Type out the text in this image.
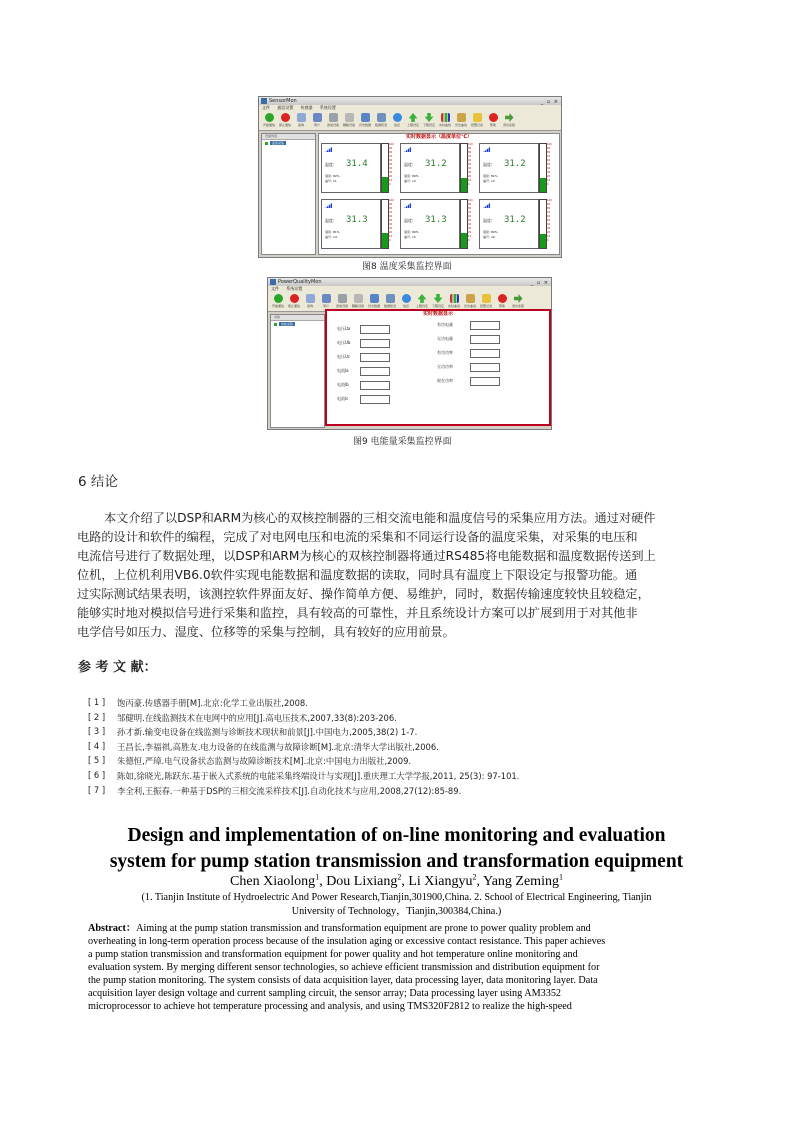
SensorMon	_ ▫ ×
文件 通信设置 传感器 系统设置
开始通信 停止通信 查询	用户 添加设备 删除设备 历史数据 数据报表 信息 上限设定 下限设定 实时曲线 历史曲线 报警记录 帮助 退出系统
设备列表
温度采集
实时数据显示（温度单位℃）
温度: 31.4
湿度: 82%
编号: 11
100
90
80
70
60
50
40
30
20
10
0
温度: 31.2
湿度: 80%
编号: 12
100
90
80
70
60
50
40
30
20
10
0
温度: 31.2
湿度: 81%
编号: 13
100
90
80
70
60
50
40
30
20
10
0
温度: 31.3
湿度: 81%
编号: 14
100
90
80
70
60
50
40
30
20
10
0
温度: 31.3
湿度: 80%
编号: 15
100
90
80
70
60
50
40
30
20
10
0
温度: 31.2
湿度: 80%
编号: 16
100
90
80
70
60
50
40
30
20
10
0
图8 温度采集监控界面
PowerQualityMon	_ ▫ ×
文件 系统设置
开始通信 停止通信 查询	用户 添加设备 删除设备 历史数据 数据报表 信息 上限设定 下限设定 实时曲线 历史曲线 报警记录 帮助 退出系统
名称
电能采集
实时数据显示
电压Ua
电压Ub
电压Uc
电流Ia
电流Ib
电流Ic
有功电量
无功电量
有功功率
无功功率
视在功率
图9 电能量采集监控界面
6 结论
本文介绍了以DSP和ARM为核心的双核控制器的三相交流电能和温度信号的采集应用方法。通过对硬件
电路的设计和软件的编程，完成了对电网电压和电流的采集和不同运行设备的温度采集，对采集的电压和
电流信号进行了数据处理，以DSP和ARM为核心的双核控制器将通过RS485将电能数据和温度数据传送到上
位机，上位机利用VB6.0软件实现电能数据和温度数据的读取，同时具有温度上下限设定与报警功能。通
过实际测试结果表明，该测控软件界面友好、操作简单方便、易维护，同时，数据传输速度较快且较稳定，
能够实时地对模拟信号进行采集和监控，具有较高的可靠性，并且系统设计方案可以扩展到用于对其他非
电学信号如压力、湿度、位移等的采集与控制，具有较好的应用前景。
参 考 文 献：
[ 1 ] 饱丙豪.传感器手册[M].北京:化学工业出版社,2008.
[ 2 ] 邹健明.在线监测技术在电网中的应用[J].高电压技术,2007,33(8):203-206.
[ 3 ] 孙才新.输变电设备在线监测与诊断技术现状和前景[J].中国电力,2005,38(2) 1-7.
[ 4 ] 王昌长,李福祺,高胜友.电力设备的在线监测与故障诊断[M].北京:清华大学出版社,2006.
[ 5 ] 朱德恒,严璋.电气设备状态监测与故障诊断技术[M].北京:中国电力出版社,2009.
[ 6 ] 陈如,徐晓光,陈跃东.基于嵌入式系统的电能采集终端设计与实现[J].重庆理工大学学报,2011, 25(3): 97-101.
[ 7 ] 李全利,王振春.一种基于DSP的三相交流采样技术[J].自动化技术与应用,2008,27(12):85-89.
Design and implementation of on-line monitoring and evaluation
system for pump station transmission and transformation equipment
Chen Xiaolong$^1$, Dou Lixiang$^2$, Li Xiangyu$^2$, Yang Zeming$^1$
(1. Tianjin Institute of Hydroelectric And Power Research,Tianjin,301900,China. 2. School of Electrical Engineering, Tianjin
University of Technology，Tianjin,300384,China.)
Abstract：Aiming at the pump station transmission and transformation equipment are prone to power quality problem and
overheating in long-term operation process because of the insulation aging or excessive contact resistance. This paper achieves
a pump station transmission and transformation equipment for power quality and hot temperature online monitoring and
evaluation system. By merging different sensor technologies, so achieve efficient transmission and distribution equipment for
the pump station monitoring. The system consists of data acquisition layer, data processing layer, data monitoring layer. Data
acquisition layer design voltage and current sampling circuit, the sensor array; Data processing layer using AM3352
microprocessor to achieve hot temperature processing and analysis, and using TMS320F2812 to realize the high-speed
